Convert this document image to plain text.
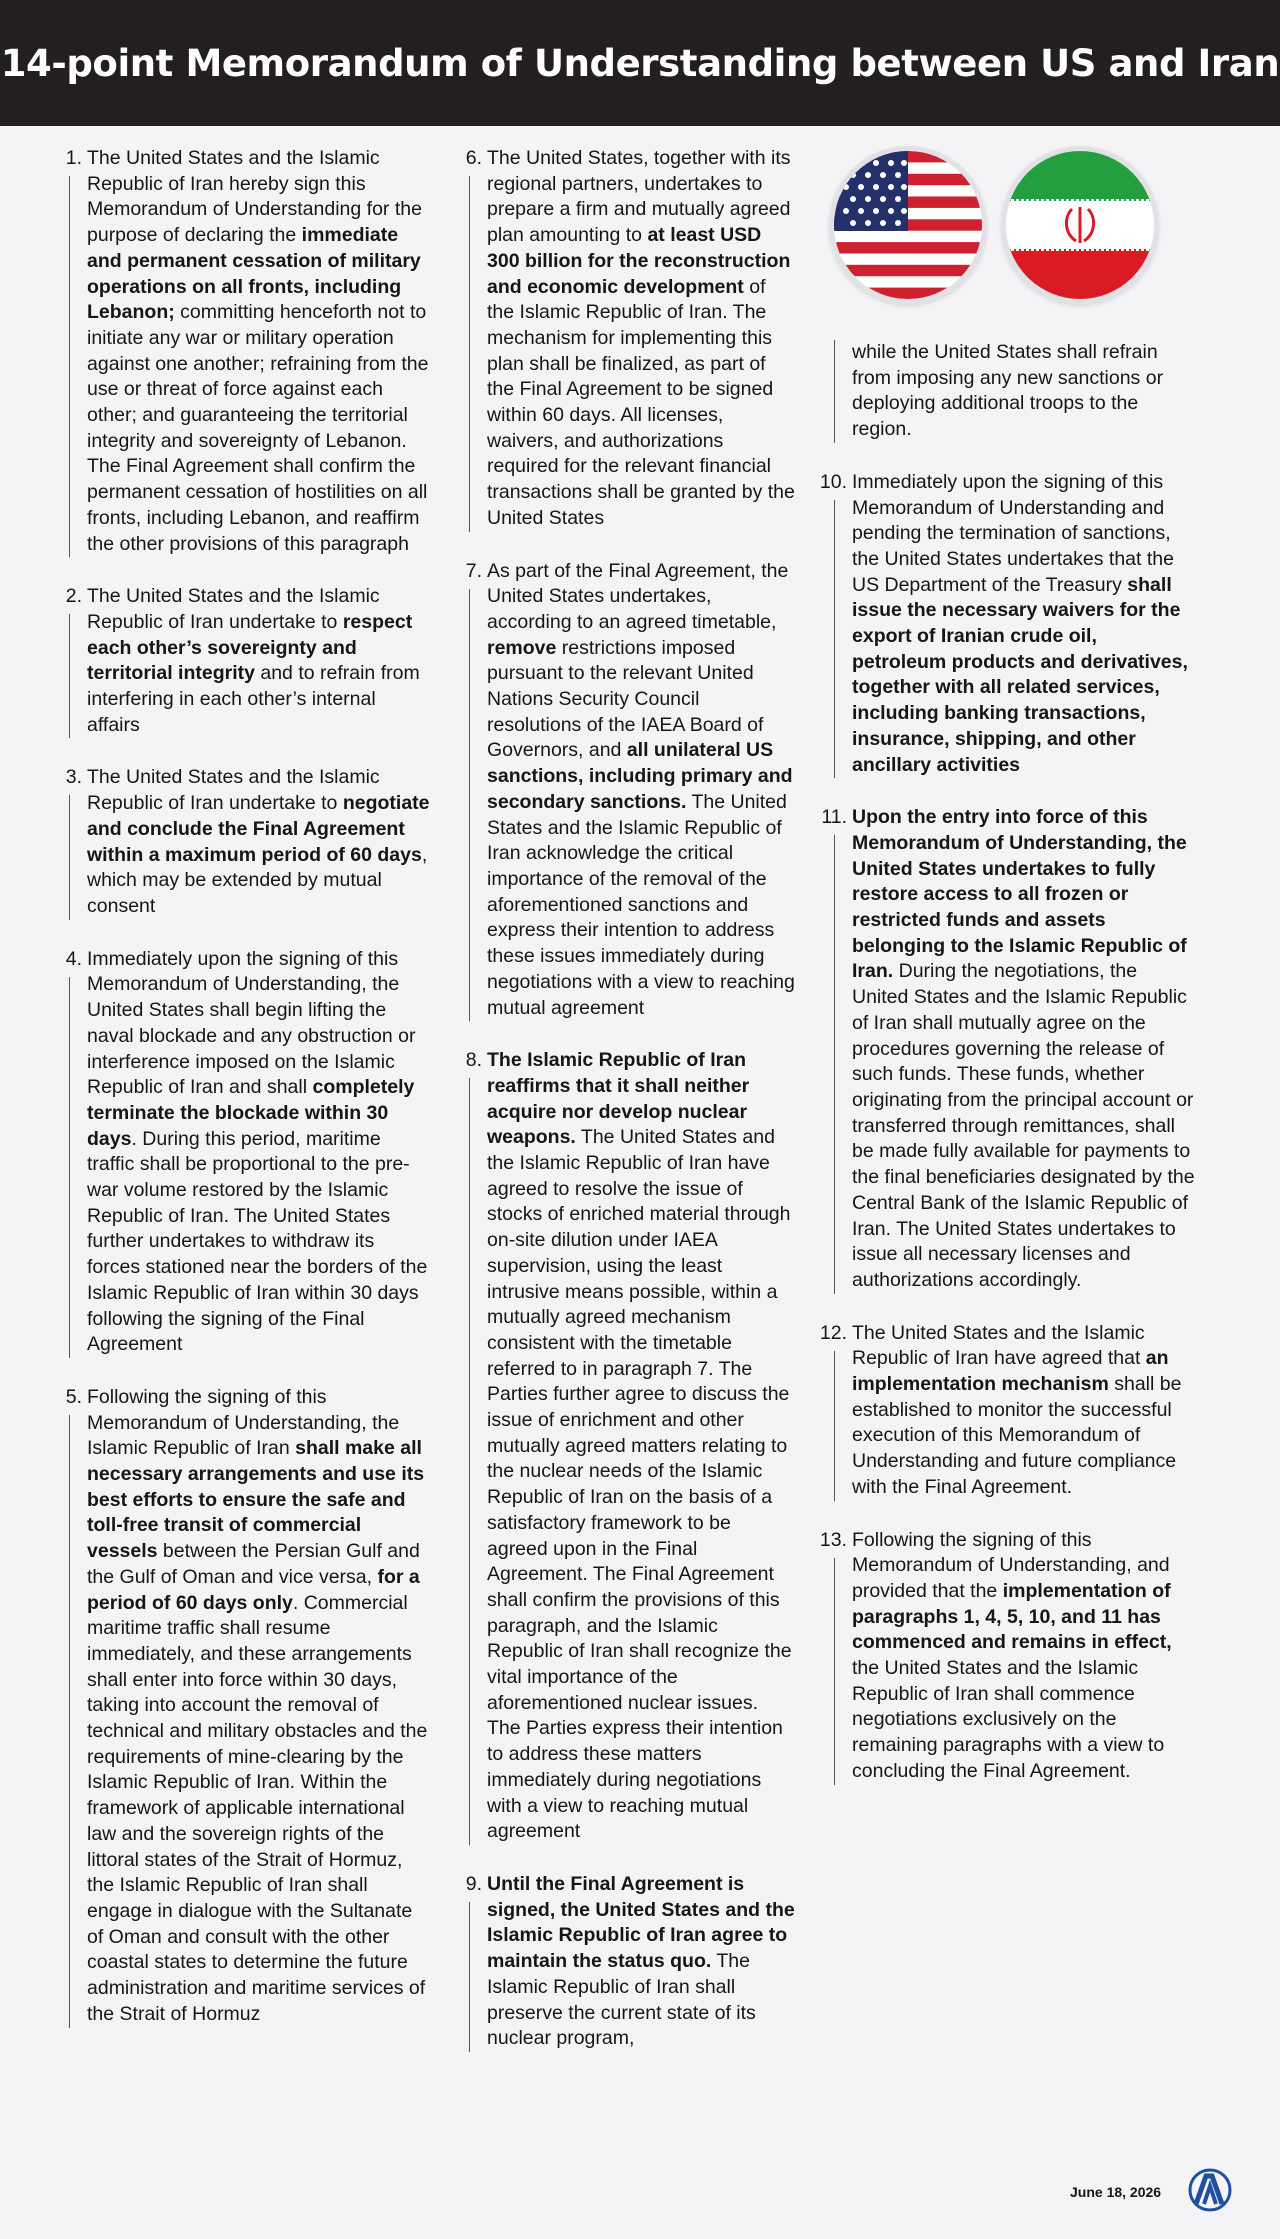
14-point Memorandum of Understanding between US and Iran
1. The United States and the Islamic Republic of Iran hereby sign this Memorandum of Understanding for the purpose of declaring the immediate and permanent cessation of military operations on all fronts, including Lebanon; committing henceforth not to initiate any war or military operation against one another; refraining from the use or threat of force against each other; and guaranteeing the territorial integrity and sovereignty of Lebanon. The Final Agreement shall confirm the permanent cessation of hostilities on all fronts, including Lebanon, and reaffirm the other provisions of this paragraph
2. The United States and the Islamic Republic of Iran undertake to respect each other’s sovereignty and territorial integrity and to refrain from interfering in each other’s internal affairs
3. The United States and the Islamic Republic of Iran undertake to negotiate and conclude the Final Agreement within a maximum period of 60 days, which may be extended by mutual consent
4. Immediately upon the signing of this Memorandum of Understanding, the United States shall begin lifting the naval blockade and any obstruction or interference imposed on the Islamic Republic of Iran and shall completely terminate the blockade within 30 days. During this period, maritime traffic shall be proportional to the pre-war volume restored by the Islamic Republic of Iran. The United States further undertakes to withdraw its forces stationed near the borders of the Islamic Republic of Iran within 30 days following the signing of the Final Agreement
5. Following the signing of this Memorandum of Understanding, the Islamic Republic of Iran shall make all necessary arrangements and use its best efforts to ensure the safe and toll-free transit of commercial vessels between the Persian Gulf and the Gulf of Oman and vice versa, for a period of 60 days only. Commercial maritime traffic shall resume immediately, and these arrangements shall enter into force within 30 days, taking into account the removal of technical and military obstacles and the requirements of mine-clearing by the Islamic Republic of Iran. Within the framework of applicable international law and the sovereign rights of the littoral states of the Strait of Hormuz, the Islamic Republic of Iran shall engage in dialogue with the Sultanate of Oman and consult with the other coastal states to determine the future administration and maritime services of the Strait of Hormuz
6. The United States, together with its regional partners, undertakes to prepare a firm and mutually agreed plan amounting to at least USD 300 billion for the reconstruction and economic development of the Islamic Republic of Iran. The mechanism for implementing this plan shall be finalized, as part of the Final Agreement to be signed within 60 days. All licenses, waivers, and authorizations required for the relevant financial transactions shall be granted by the United States
7. As part of the Final Agreement, the United States undertakes, according to an agreed timetable, remove restrictions imposed pursuant to the relevant United Nations Security Council resolutions of the IAEA Board of Governors, and all unilateral US sanctions, including primary and secondary sanctions. The United States and the Islamic Republic of Iran acknowledge the critical importance of the removal of the aforementioned sanctions and express their intention to address these issues immediately during negotiations with a view to reaching mutual agreement
8. The Islamic Republic of Iran reaffirms that it shall neither acquire nor develop nuclear weapons. The United States and the Islamic Republic of Iran have agreed to resolve the issue of stocks of enriched material through on-site dilution under IAEA supervision, using the least intrusive means possible, within a mutually agreed mechanism consistent with the timetable referred to in paragraph 7. The Parties further agree to discuss the issue of enrichment and other mutually agreed matters relating to the nuclear needs of the Islamic Republic of Iran on the basis of a satisfactory framework to be agreed upon in the Final Agreement. The Final Agreement shall confirm the provisions of this paragraph, and the Islamic Republic of Iran shall recognize the vital importance of the aforementioned nuclear issues. The Parties express their intention to address these matters immediately during negotiations with a view to reaching mutual agreement
9. Until the Final Agreement is signed, the United States and the Islamic Republic of Iran agree to maintain the status quo. The Islamic Republic of Iran shall preserve the current state of its nuclear program,
while the United States shall refrain from imposing any new sanctions or deploying additional troops to the region.
10. Immediately upon the signing of this Memorandum of Understanding and pending the termination of sanctions, the United States undertakes that the US Department of the Treasury shall issue the necessary waivers for the export of Iranian crude oil, petroleum products and derivatives, together with all related services, including banking transactions, insurance, shipping, and other ancillary activities
11. Upon the entry into force of this Memorandum of Understanding, the United States undertakes to fully restore access to all frozen or restricted funds and assets belonging to the Islamic Republic of Iran. During the negotiations, the United States and the Islamic Republic of Iran shall mutually agree on the procedures governing the release of such funds. These funds, whether originating from the principal account or transferred through remittances, shall be made fully available for payments to the final beneficiaries designated by the Central Bank of the Islamic Republic of Iran. The United States undertakes to issue all necessary licenses and authorizations accordingly.
12. The United States and the Islamic Republic of Iran have agreed that an implementation mechanism shall be established to monitor the successful execution of this Memorandum of Understanding and future compliance with the Final Agreement.
13. Following the signing of this Memorandum of Understanding, and provided that the implementation of paragraphs 1, 4, 5, 10, and 11 has commenced and remains in effect, the United States and the Islamic Republic of Iran shall commence negotiations exclusively on the remaining paragraphs with a view to concluding the Final Agreement.
June 18, 2026
